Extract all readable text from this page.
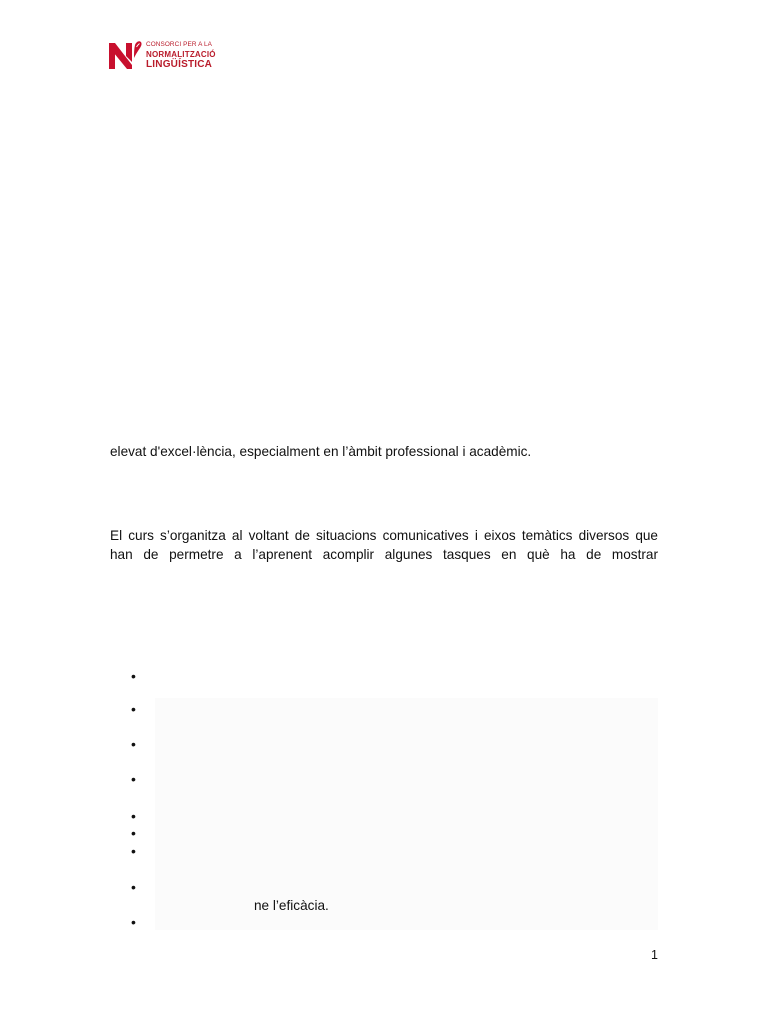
CONSORCI PER A LA
NORMALITZACIÓ
LINGÜÍSTICA

elevat d'excel·lència, especialment en l’àmbit professional i acadèmic.

El curs s’organitza al voltant de situacions comunicatives i eixos temàtics diversos que
han de permetre a l’aprenent acomplir algunes tasques en què ha de mostrar

•
•
•
•
•
•
•
•
•
ne l’eficàcia.
1
